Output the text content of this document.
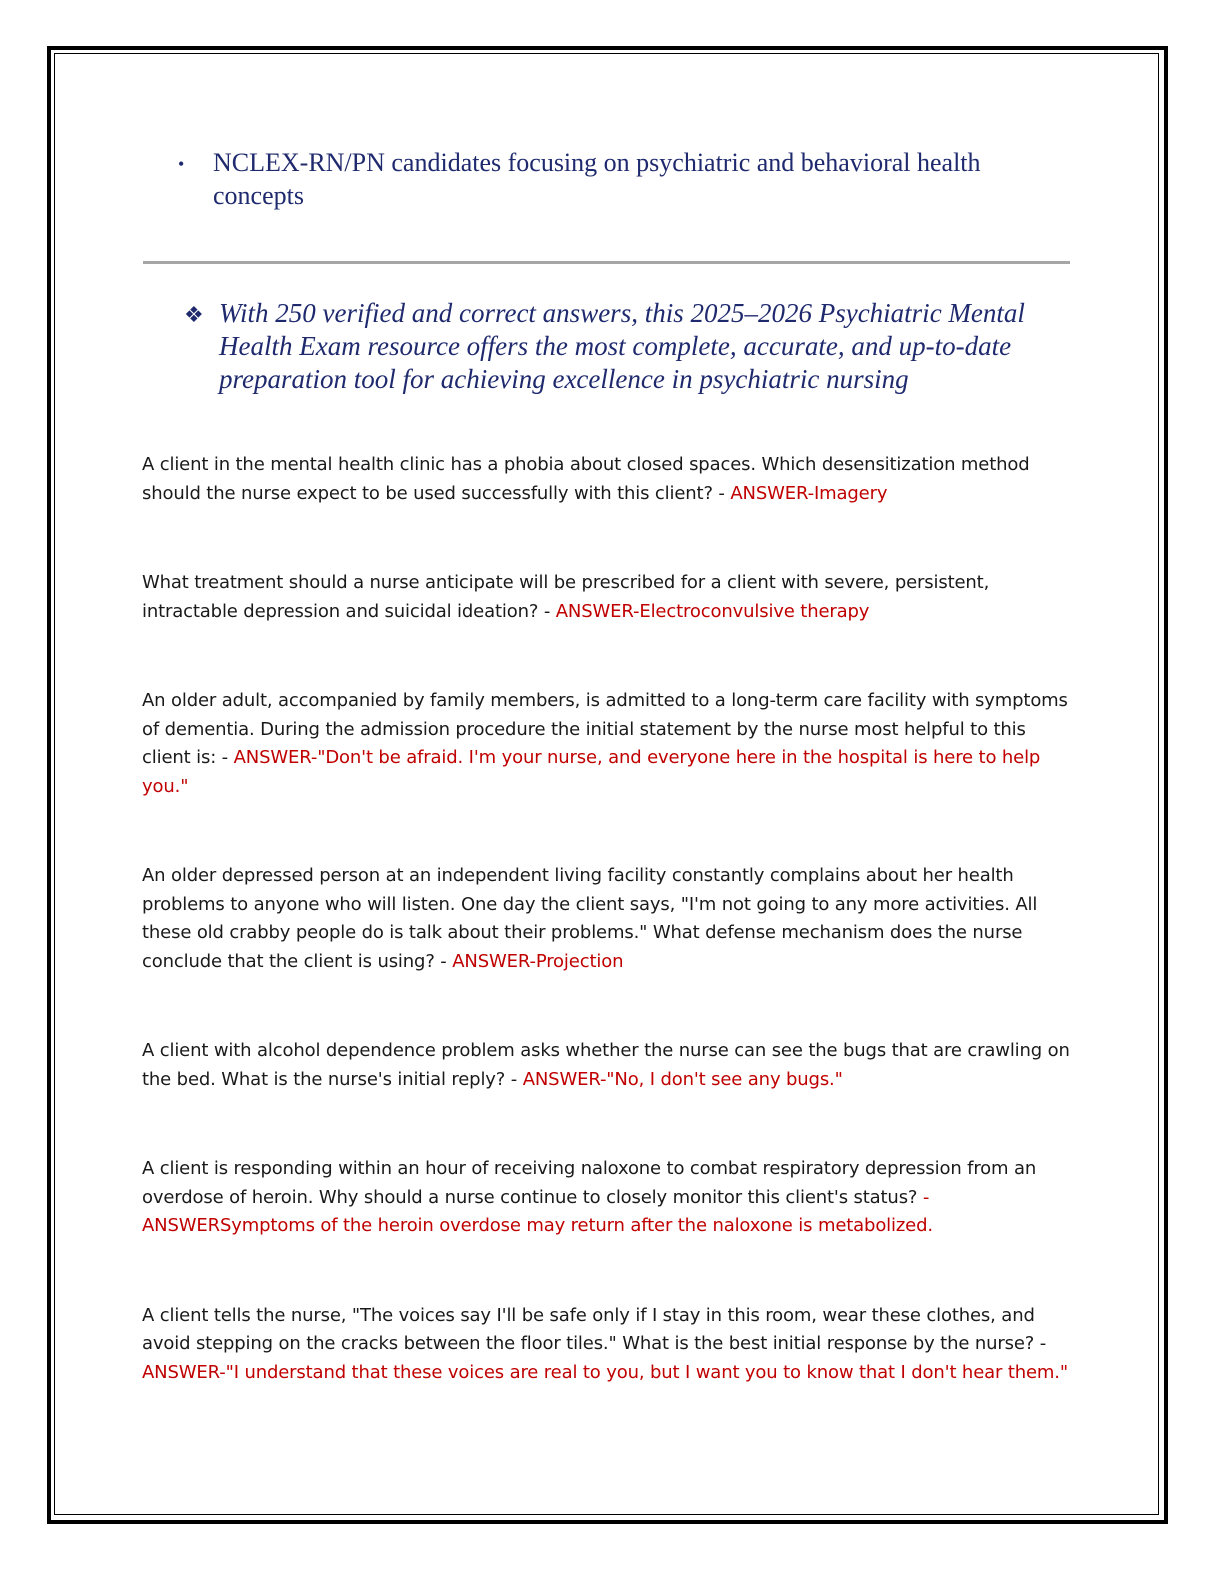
•	NCLEX-RN/PN candidates focusing on psychiatric and behavioral health concepts
❖ With 250 verified and correct answers, this 2025–2026 Psychiatric Mental Health Exam resource offers the most complete, accurate, and up-to-date preparation tool for achieving excellence in psychiatric nursing

A client in the mental health clinic has a phobia about closed spaces. Which desensitization method should the nurse expect to be used successfully with this client? - ANSWER-Imagery

What treatment should a nurse anticipate will be prescribed for a client with severe, persistent, intractable depression and suicidal ideation? - ANSWER-Electroconvulsive therapy

An older adult, accompanied by family members, is admitted to a long-term care facility with symptoms of dementia. During the admission procedure the initial statement by the nurse most helpful to this client is: - ANSWER-"Don't be afraid. I'm your nurse, and everyone here in the hospital is here to help you."

An older depressed person at an independent living facility constantly complains about her health problems to anyone who will listen. One day the client says, "I'm not going to any more activities. All these old crabby people do is talk about their problems." What defense mechanism does the nurse conclude that the client is using? - ANSWER-Projection

A client with alcohol dependence problem asks whether the nurse can see the bugs that are crawling on the bed. What is the nurse's initial reply? - ANSWER-"No, I don't see any bugs."

A client is responding within an hour of receiving naloxone to combat respiratory depression from an overdose of heroin. Why should a nurse continue to closely monitor this client's status? - ANSWERSymptoms of the heroin overdose may return after the naloxone is metabolized.

A client tells the nurse, "The voices say I'll be safe only if I stay in this room, wear these clothes, and avoid stepping on the cracks between the floor tiles." What is the best initial response by the nurse? - ANSWER-"I understand that these voices are real to you, but I want you to know that I don't hear them."
